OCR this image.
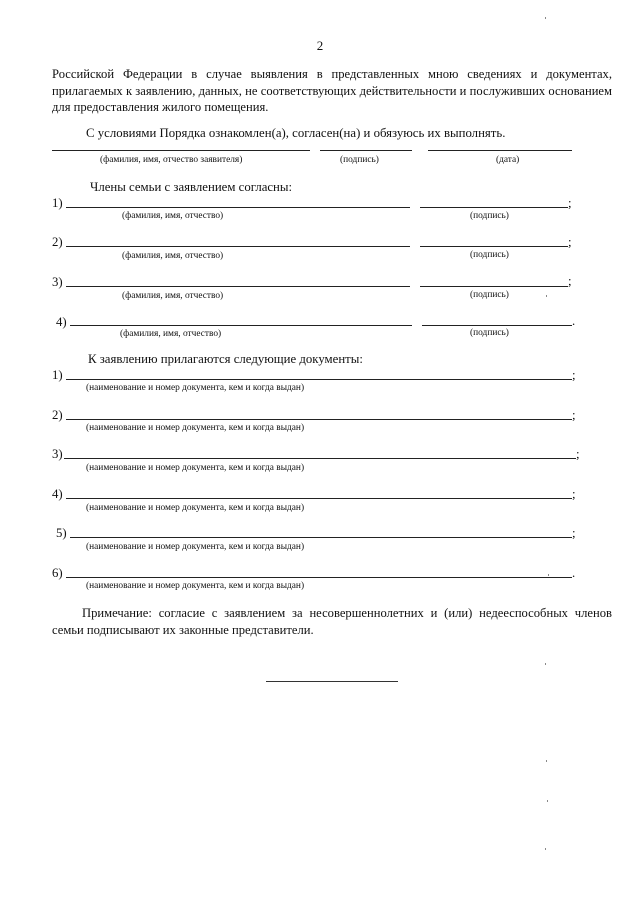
2
Российской Федерации в случае выявления в представленных мною сведениях и документах, прилагаемых к заявлению, данных, не соответствующих действительности и послуживших основанием для предоставления жилого помещения.
С условиями Порядка ознакомлен(а), согласен(на) и обязуюсь их выполнять.
(фамилия, имя, отчество заявителя)	(подпись)	(дата)
Члены семьи с заявлением согласны:
1)	;
(фамилия, имя, отчество)	(подпись)
2)	;
(фамилия, имя, отчество)	(подпись)
3)	;
(фамилия, имя, отчество)	(подпись)
4)	.
(фамилия, имя, отчество)	(подпись)
К заявлению прилагаются следующие документы:
1)	;
(наименование и номер документа, кем и когда выдан)
2)	;
(наименование и номер документа, кем и когда выдан)
3)	;
(наименование и номер документа, кем и когда выдан)
4)	;
(наименование и номер документа, кем и когда выдан)
5)	;
(наименование и номер документа, кем и когда выдан)
6)	.
(наименование и номер документа, кем и когда выдан)
Примечание: согласие с заявлением за несовершеннолетних и (или) недееспособных членов семьи подписывают их законные представители.
